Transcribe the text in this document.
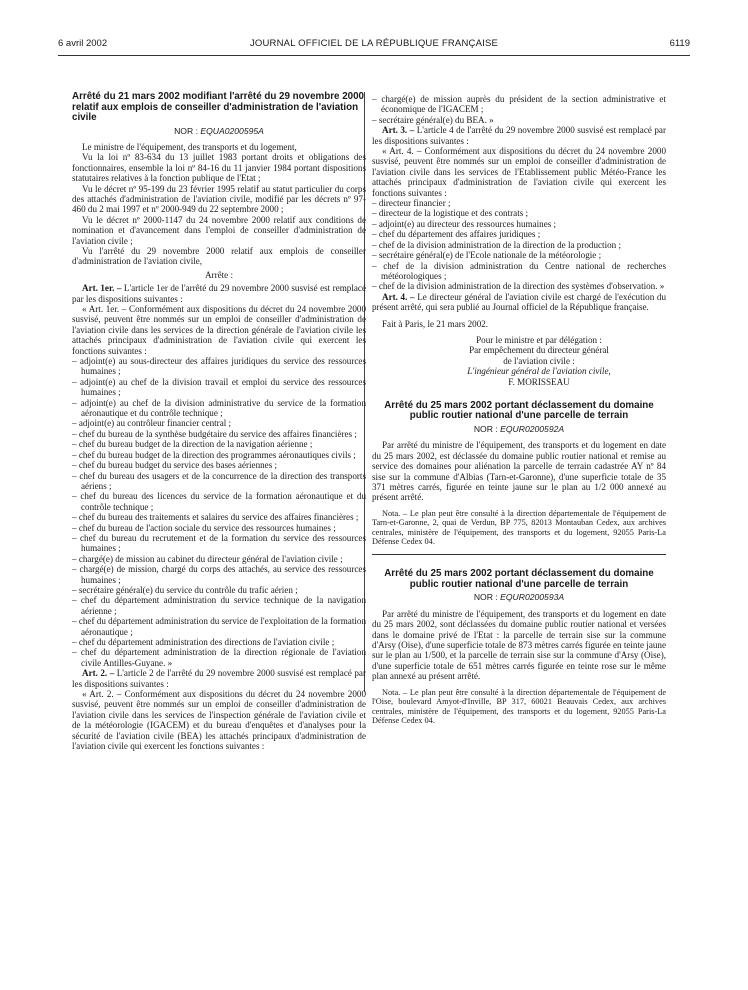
6 avril 2002	JOURNAL OFFICIEL DE LA RÉPUBLIQUE FRANÇAISE	6119

Arrêté du 21 mars 2002 modifiant l'arrêté du 29 novembre 2000 relatif aux emplois de conseiller d'administration de l'aviation civile

NOR : EQUA0200595A

Le ministre de l'équipement, des transports et du logement,

Vu la loi nº 83-634 du 13 juillet 1983 portant droits et obligations des fonctionnaires, ensemble la loi nº 84-16 du 11 janvier 1984 portant dispositions statutaires relatives à la fonction publique de l'Etat ;

Vu le décret nº 95-199 du 23 février 1995 relatif au statut particulier du corps des attachés d'administration de l'aviation civile, modifié par les décrets nº 97-460 du 2 mai 1997 et nº 2000-949 du 22 septembre 2000 ;

Vu le décret nº 2000-1147 du 24 novembre 2000 relatif aux conditions de nomination et d'avancement dans l'emploi de conseiller d'administration de l'aviation civile ;

Vu l'arrêté du 29 novembre 2000 relatif aux emplois de conseiller d'administration de l'aviation civile,

Arrête :

Art. 1er. – L'article 1er de l'arrêté du 29 novembre 2000 susvisé est remplacé par les dispositions suivantes :

« Art. 1er. – Conformément aux dispositions du décret du 24 novembre 2000 susvisé, peuvent être nommés sur un emploi de conseiller d'administration de l'aviation civile dans les services de la direction générale de l'aviation civile les attachés principaux d'administration de l'aviation civile qui exercent les fonctions suivantes :

– adjoint(e) au sous-directeur des affaires juridiques du service des ressources humaines ;

– adjoint(e) au chef de la division travail et emploi du service des ressources humaines ;

– adjoint(e) au chef de la division administrative du service de la formation aéronautique et du contrôle technique ;

– adjoint(e) au contrôleur financier central ;

– chef du bureau de la synthèse budgétaire du service des affaires financières ;

– chef du bureau budget de la direction de la navigation aérienne ;

– chef du bureau budget de la direction des programmes aéronautiques civils ;

– chef du bureau budget du service des bases aériennes ;

– chef du bureau des usagers et de la concurrence de la direction des transports aériens ;

– chef du bureau des licences du service de la formation aéronautique et du contrôle technique ;

– chef du bureau des traitements et salaires du service des affaires financières ;

– chef du bureau de l'action sociale du service des ressources humaines ;

– chef du bureau du recrutement et de la formation du service des ressources humaines ;

– chargé(e) de mission au cabinet du directeur général de l'aviation civile ;

– chargé(e) de mission, chargé du corps des attachés, au service des ressources humaines ;

– secrétaire général(e) du service du contrôle du trafic aérien ;

– chef du département administration du service technique de la navigation aérienne ;

– chef du département administration du service de l'exploitation de la formation aéronautique ;

– chef du département administration des directions de l'aviation civile ;

– chef du département administration de la direction régionale de l'aviation civile Antilles-Guyane. »

Art. 2. – L'article 2 de l'arrêté du 29 novembre 2000 susvisé est remplacé par les dispositions suivantes :

« Art. 2. – Conformément aux dispositions du décret du 24 novembre 2000 susvisé, peuvent être nommés sur un emploi de conseiller d'administration de l'aviation civile dans les services de l'inspection générale de l'aviation civile et de la météorologie (IGACEM) et du bureau d'enquêtes et d'analyses pour la sécurité de l'aviation civile (BEA) les attachés principaux d'administration de l'aviation civile qui exercent les fonctions suivantes :

– chargé(e) de mission auprès du président de la section administrative et économique de l'IGACEM ;

– secrétaire général(e) du BEA. »

Art. 3. – L'article 4 de l'arrêté du 29 novembre 2000 susvisé est remplacé par les dispositions suivantes :

« Art. 4. – Conformément aux dispositions du décret du 24 novembre 2000 susvisé, peuvent être nommés sur un emploi de conseiller d'administration de l'aviation civile dans les services de l'Etablissement public Météo-France les attachés principaux d'administration de l'aviation civile qui exercent les fonctions suivantes :

– directeur financier ;

– directeur de la logistique et des contrats ;

– adjoint(e) au directeur des ressources humaines ;

– chef du département des affaires juridiques ;

– chef de la division administration de la direction de la production ;

– secrétaire général(e) de l'Ecole nationale de la météorologie ;

– chef de la division administration du Centre national de recherches météorologiques ;

– chef de la division administration de la direction des systèmes d'observation. »

Art. 4. – Le directeur général de l'aviation civile est chargé de l'exécution du présent arrêté, qui sera publié au Journal officiel de la République française.

Fait à Paris, le 21 mars 2002.

Pour le ministre et par délégation :

Par empêchement du directeur général

de l'aviation civile :

L'ingénieur général de l'aviation civile,

F. MORISSEAU

Arrêté du 25 mars 2002 portant déclassement du domaine public routier national d'une parcelle de terrain

NOR : EQUR0200592A

Par arrêté du ministre de l'équipement, des transports et du logement en date du 25 mars 2002, est déclassée du domaine public routier national et remise au service des domaines pour aliénation la parcelle de terrain cadastrée AY nº 84 sise sur la commune d'Albias (Tarn-et-Garonne), d'une superficie totale de 35 371 mètres carrés, figurée en teinte jaune sur le plan au 1/2 000 annexé au présent arrêté.

Nota. – Le plan peut être consulté à la direction départementale de l'équipement de Tarn-et-Garonne, 2, quai de Verdun, BP 775, 82013 Montauban Cedex, aux archives centrales, ministère de l'équipement, des transports et du logement, 92055 Paris-La Défense Cedex 04.

Arrêté du 25 mars 2002 portant déclassement du domaine public routier national d'une parcelle de terrain

NOR : EQUR0200593A

Par arrêté du ministre de l'équipement, des transports et du logement en date du 25 mars 2002, sont déclassées du domaine public routier national et versées dans le domaine privé de l'Etat : la parcelle de terrain sise sur la commune d'Arsy (Oise), d'une superficie totale de 873 mètres carrés figurée en teinte jaune sur le plan au 1/500, et la parcelle de terrain sise sur la commune d'Arsy (Oise), d'une superficie totale de 651 mètres carrés figurée en teinte rose sur le même plan annexé au présent arrêté.

Nota. – Le plan peut être consulté à la direction départementale de l'équipement de l'Oise, boulevard Amyot-d'Inville, BP 317, 60021 Beauvais Cedex, aux archives centrales, ministère de l'équipement, des transports et du logement, 92055 Paris-La Défense Cedex 04.
